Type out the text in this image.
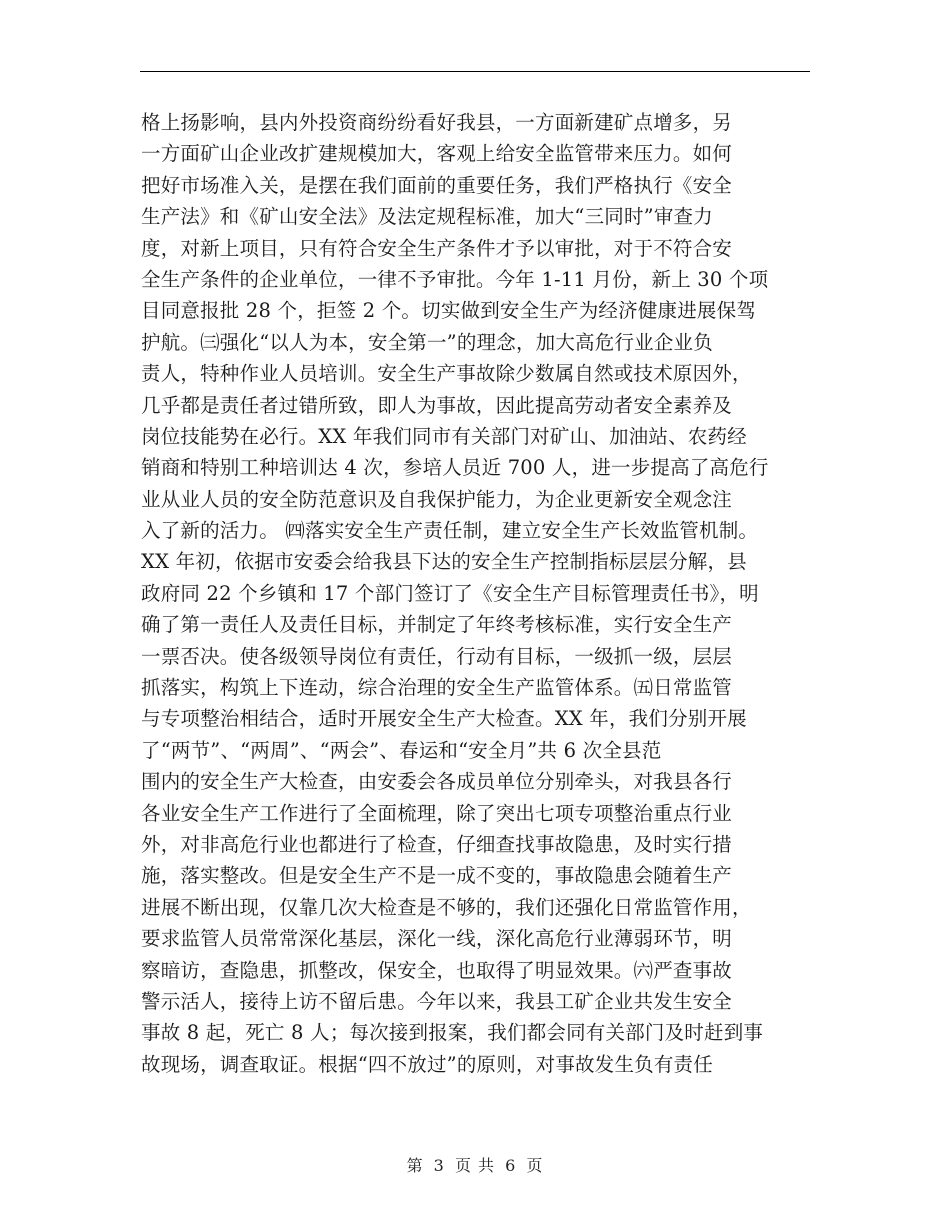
格上扬影响，县内外投资商纷纷看好我县，一方面新建矿点增多，另
一方面矿山企业改扩建规模加大，客观上给安全监管带来压力。如何
把好市场准入关，是摆在我们面前的重要任务，我们严格执行《安全
生产法》和《矿山安全法》及法定规程标准，加大“三同时”审查力
度，对新上项目，只有符合安全生产条件才予以审批，对于不符合安
全生产条件的企业单位，一律不予审批。今年 1-11 月份，新上 30 个项
目同意报批 28 个，拒签 2 个。切实做到安全生产为经济健康进展保驾
护航。㈢强化“以人为本，安全第一”的理念，加大高危行业企业负
责人，特种作业人员培训。安全生产事故除少数属自然或技术原因外，
几乎都是责任者过错所致，即人为事故，因此提高劳动者安全素养及
岗位技能势在必行。XX 年我们同市有关部门对矿山、加油站、农药经
销商和特别工种培训达 4 次，参培人员近 700 人，进一步提高了高危行
业从业人员的安全防范意识及自我保护能力，为企业更新安全观念注
入了新的活力。 ㈣落实安全生产责任制，建立安全生产长效监管机制。
XX 年初，依据市安委会给我县下达的安全生产控制指标层层分解，县
政府同 22 个乡镇和 17 个部门签订了《安全生产目标管理责任书》，明
确了第一责任人及责任目标，并制定了年终考核标准，实行安全生产
一票否决。使各级领导岗位有责任，行动有目标，一级抓一级，层层
抓落实，构筑上下连动，综合治理的安全生产监管体系。㈤日常监管
与专项整治相结合，适时开展安全生产大检查。XX 年，我们分别开展
了“两节”、“两周”、“两会”、春运和“安全月”共 6 次全县范
围内的安全生产大检查，由安委会各成员单位分别牵头，对我县各行
各业安全生产工作进行了全面梳理，除了突出七项专项整治重点行业
外，对非高危行业也都进行了检查，仔细查找事故隐患，及时实行措
施，落实整改。但是安全生产不是一成不变的，事故隐患会随着生产
进展不断出现，仅靠几次大检查是不够的，我们还强化日常监管作用，
要求监管人员常常深化基层，深化一线，深化高危行业薄弱环节，明
察暗访，查隐患，抓整改，保安全，也取得了明显效果。㈥严查事故
警示活人，接待上访不留后患。今年以来，我县工矿企业共发生安全
事故 8 起，死亡 8 人；每次接到报案，我们都会同有关部门及时赶到事
故现场，调查取证。根据“四不放过”的原则，对事故发生负有责任
第 3 页 共 6 页
